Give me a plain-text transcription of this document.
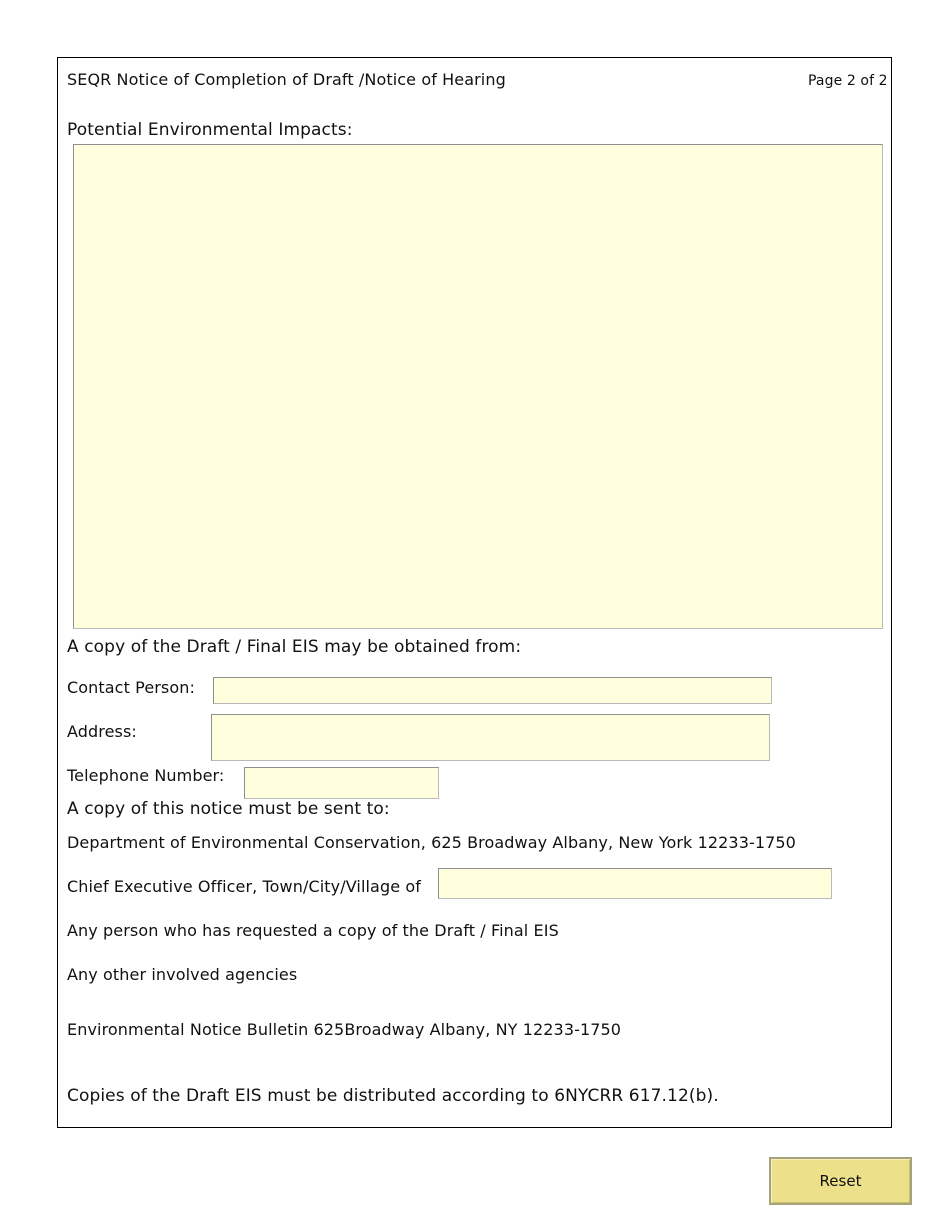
SEQR Notice of Completion of Draft /Notice of Hearing	Page 2 of 2
Potential Environmental Impacts:
A copy of the Draft / Final EIS may be obtained from:
Contact Person:
Address:
Telephone Number:
A copy of this notice must be sent to:
Department of Environmental Conservation, 625 Broadway Albany, New York 12233-1750
Chief Executive Officer, Town/City/Village of
Any person who has requested a copy of the Draft / Final EIS
Any other involved agencies
Environmental Notice Bulletin 625Broadway Albany, NY 12233-1750
Copies of the Draft EIS must be distributed according to 6NYCRR 617.12(b).
Reset
